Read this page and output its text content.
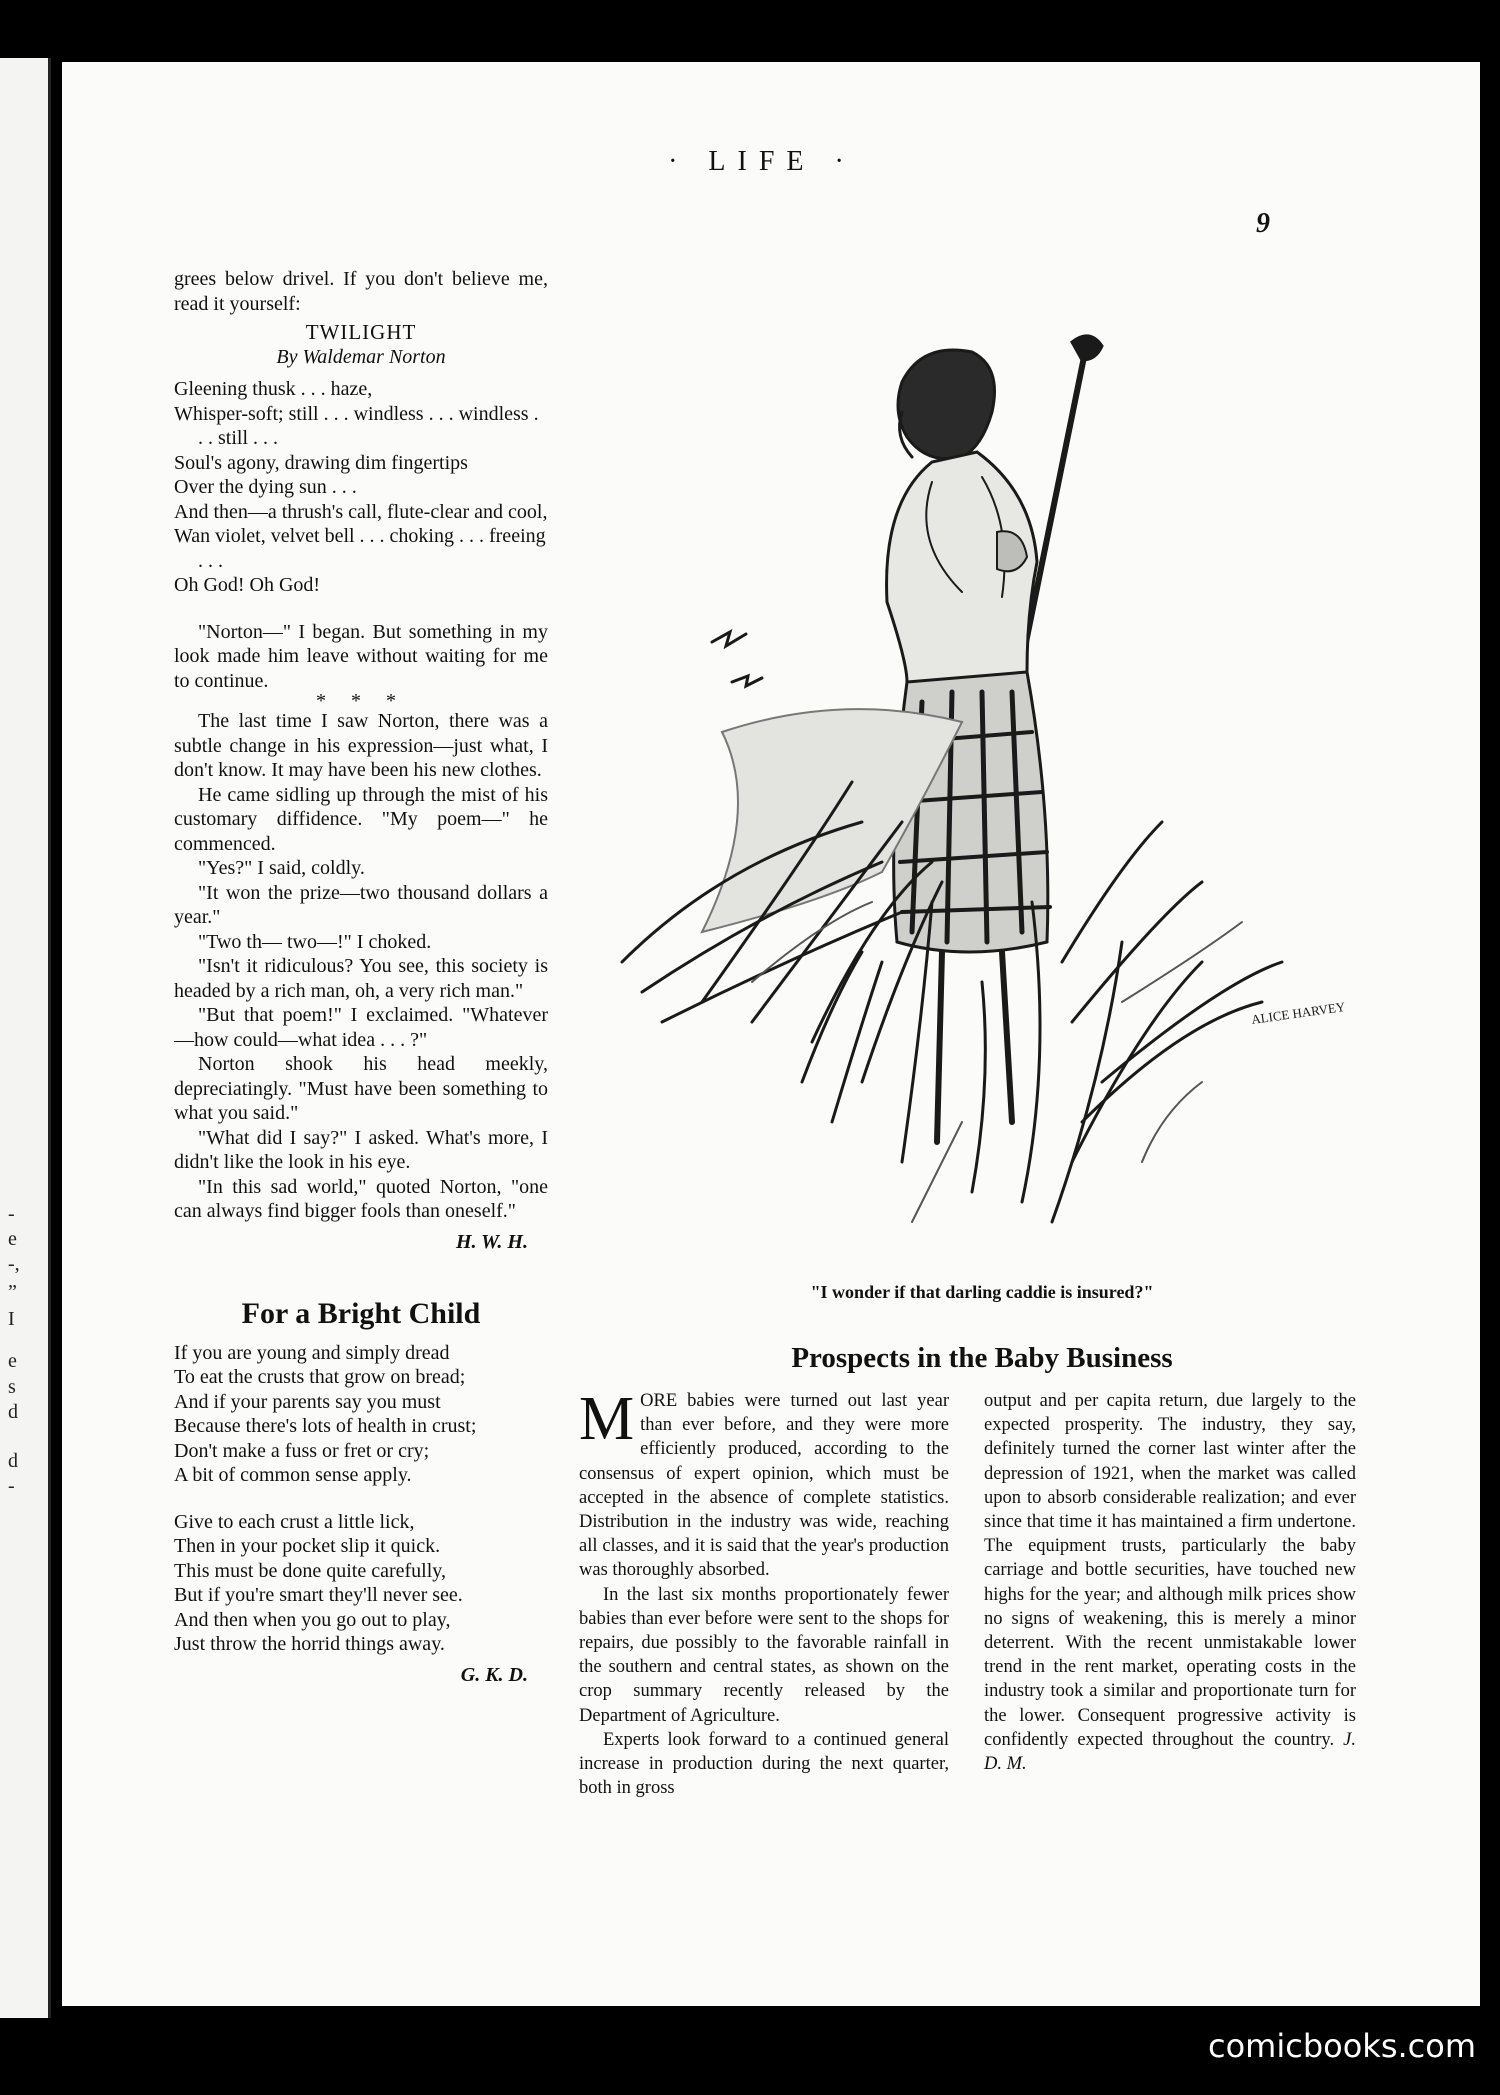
-
e
-,
„
I
e
s
d
d
-
· LIFE ·
9

grees below drivel. If you don't believe me, read it yourself:

TWILIGHT
By Waldemar Norton

Gleening thusk . . . haze,

Whisper-soft; still . . . windless . . . windless . . . still . . .

Soul's agony, drawing dim fingertips

Over the dying sun . . .

And then—a thrush's call, flute-clear and cool,

Wan violet, velvet bell . . . choking . . . freeing . . .

Oh God! Oh God!

"Norton—" I began. But something in my look made him leave without waiting for me to continue.

* * *

The last time I saw Norton, there was a subtle change in his expression—just what, I don't know. It may have been his new clothes.

He came sidling up through the mist of his customary diffidence. "My poem—" he commenced.

"Yes?" I said, coldly.

"It won the prize—two thousand dollars a year."

"Two th— two—!" I choked.

"Isn't it ridiculous? You see, this society is headed by a rich man, oh, a very rich man."

"But that poem!" I exclaimed. "Whatever—how could—what idea . . . ?"

Norton shook his head meekly, depreciatingly. "Must have been something to what you said."

"What did I say?" I asked. What's more, I didn't like the look in his eye.

"In this sad world," quoted Norton, "one can always find bigger fools than oneself."

H. W. H.
For a Bright Child

If you are young and simply dread

To eat the crusts that grow on bread;

And if your parents say you must

Because there's lots of health in crust;

Don't make a fuss or fret or cry;

A bit of common sense apply.

Give to each crust a little lick,

Then in your pocket slip it quick.

This must be done quite carefully,

But if you're smart they'll never see.

And then when you go out to play,

Just throw the horrid things away.

G. K. D.
ALICE HARVEY
"I wonder if that darling caddie is insured?"
Prospects in the Baby Business

MORE babies were turned out last year than ever before, and they were more efficiently produced, according to the consensus of expert opinion, which must be accepted in the absence of complete statistics. Distribution in the industry was wide, reaching all classes, and it is said that the year's production was thoroughly absorbed.

In the last six months proportionately fewer babies than ever before were sent to the shops for repairs, due possibly to the favorable rainfall in the southern and central states, as shown on the crop summary recently released by the Department of Agriculture.

Experts look forward to a continued general increase in production during the next quarter, both in gross

output and per capita return, due largely to the expected prosperity. The industry, they say, definitely turned the corner last winter after the depression of 1921, when the market was called upon to absorb considerable realization; and ever since that time it has maintained a firm undertone. The equipment trusts, particularly the baby carriage and bottle securities, have touched new highs for the year; and although milk prices show no signs of weakening, this is merely a minor deterrent. With the recent unmistakable lower trend in the rent market, operating costs in the industry took a similar and proportionate turn for the lower. Consequent progressive activity is confidently expected throughout the country. J. D. M.

comicbooks.com
